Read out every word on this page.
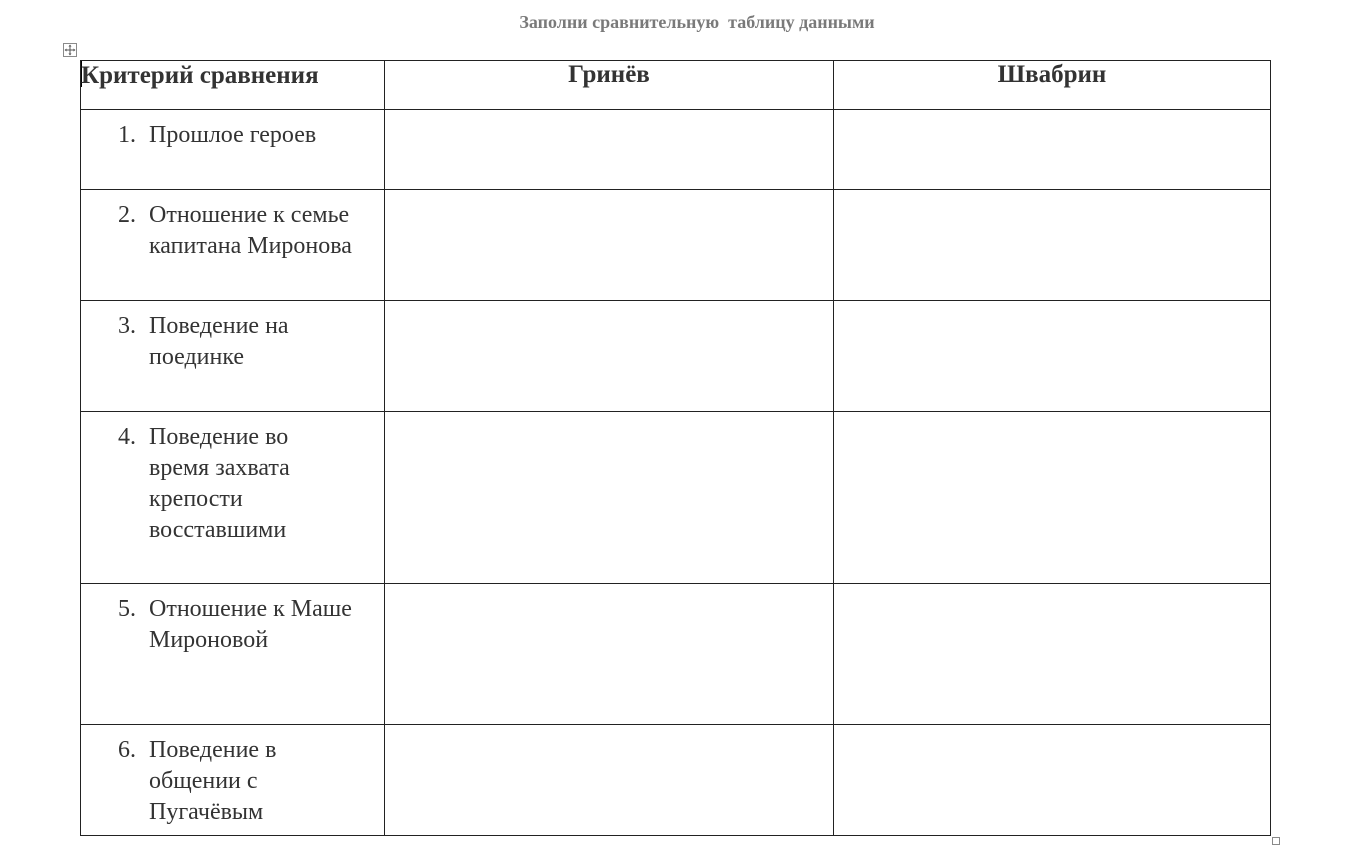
Заполни сравнительную  таблицу данными
Критерий сравнения	Гринёв	Швабрин

1. Прошлое героев		

2. Отношение к семье
капитана Миронова		

3. Поведение на
поединке		

4. Поведение во
время захвата
крепости
восставшими		

5. Отношение к Маше
Мироновой		

6. Поведение в
общении с
Пугачёвым		
